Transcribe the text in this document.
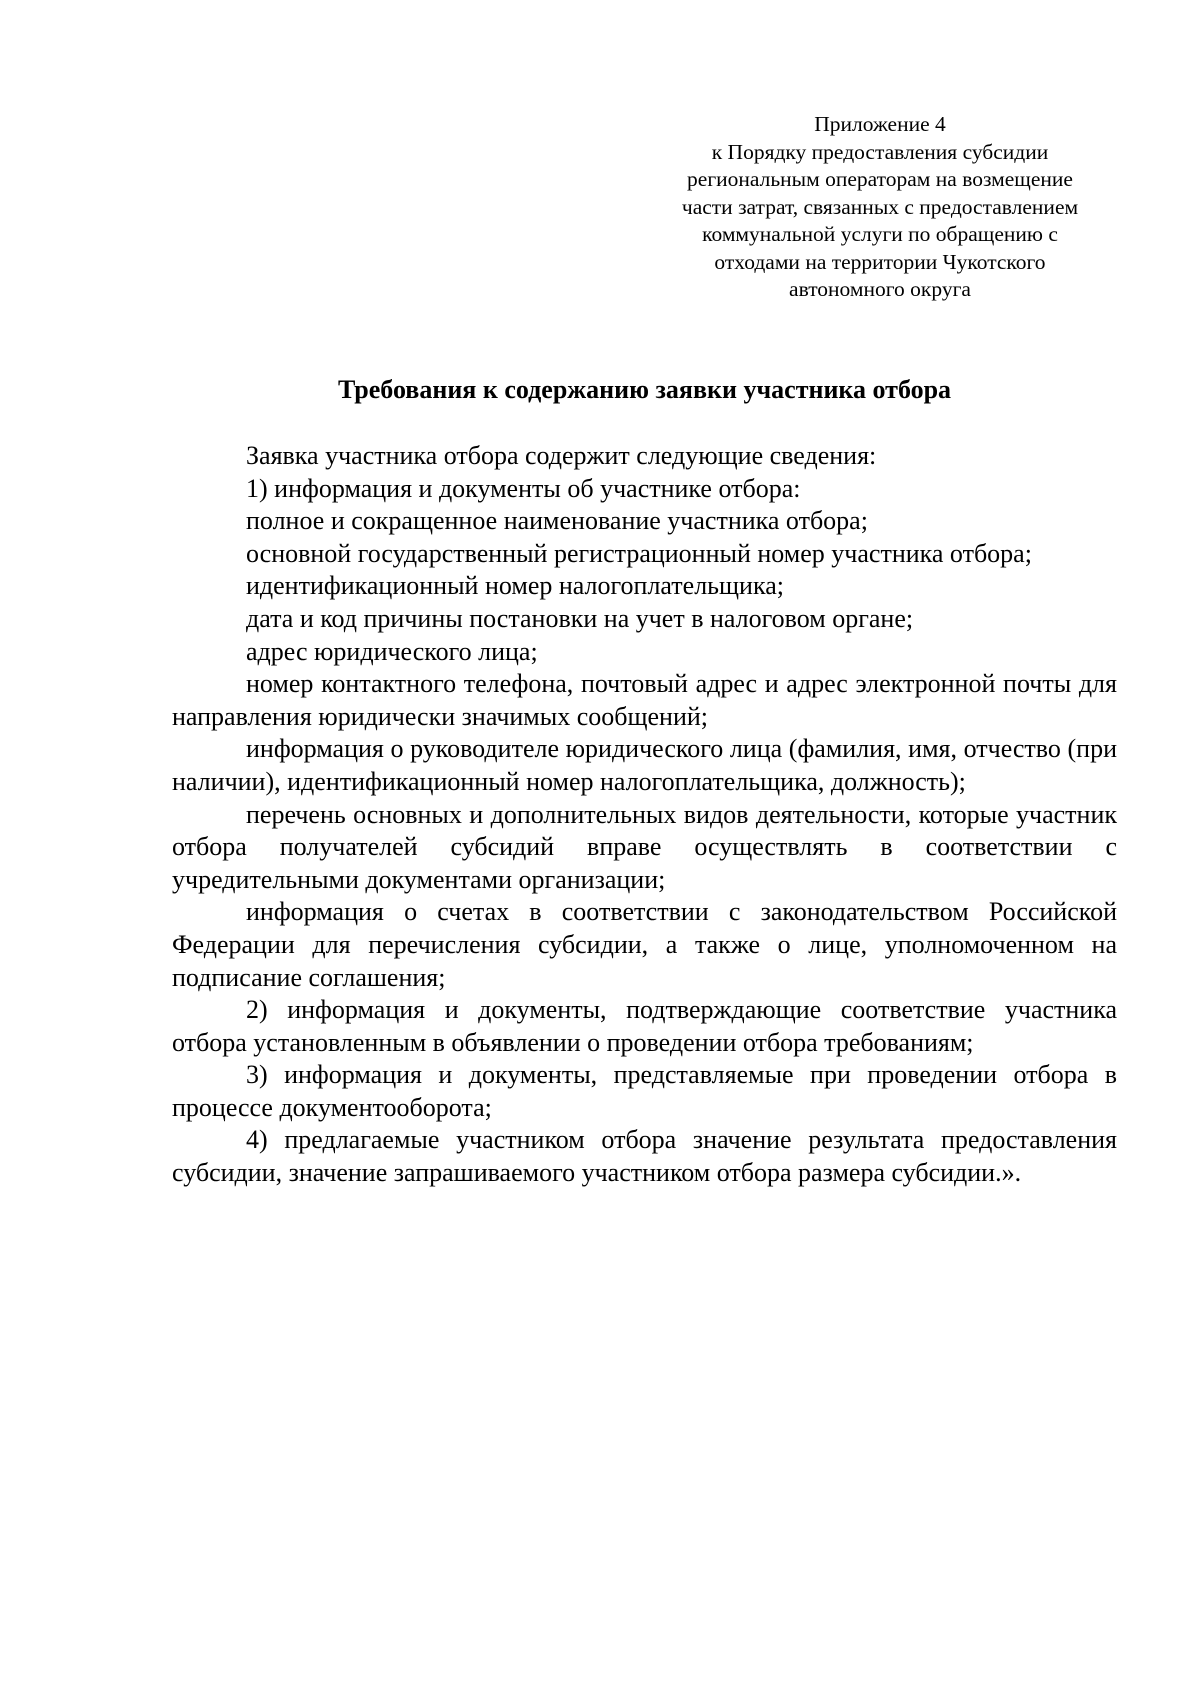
Приложение 4
к Порядку предоставления субсидии
региональным операторам на возмещение
части затрат, связанных с предоставлением
коммунальной услуги по обращению с
отходами на территории Чукотского
автономного округа
Требования к содержанию заявки участника отбора

Заявка участника отбора содержит следующие сведения:

1) информация и документы об участнике отбора:

полное и сокращенное наименование участника отбора;

основной государственный регистрационный номер участника отбора;

идентификационный номер налогоплательщика;

дата и код причины постановки на учет в налоговом органе;

адрес юридического лица;

номер контактного телефона, почтовый адрес и адрес электронной почты для направления юридически значимых сообщений;

информация о руководителе юридического лица (фамилия, имя, отчество (при наличии), идентификационный номер налогоплательщика, должность);

перечень основных и дополнительных видов деятельности, которые участник отбора получателей субсидий вправе осуществлять в соответствии с учредительными документами организации;

информация о счетах в соответствии с законодательством Российской Федерации для перечисления субсидии, а также о лице, уполномоченном на подписание соглашения;

2) информация и документы, подтверждающие соответствие участника отбора установленным в объявлении о проведении отбора требованиям;

3) информация и документы, представляемые при проведении отбора в процессе документооборота;

4) предлагаемые участником отбора значение результата предоставления субсидии, значение запрашиваемого участником отбора размера субсидии.».
